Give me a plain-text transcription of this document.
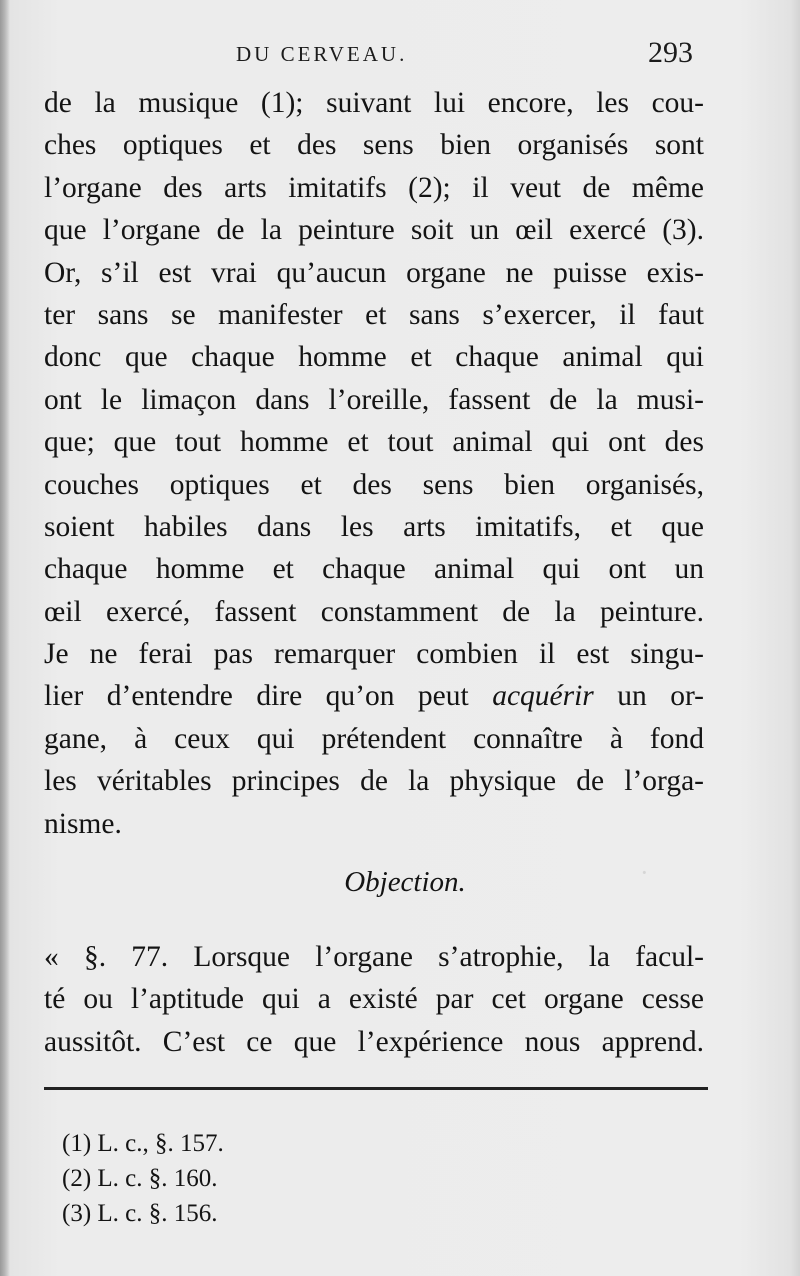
·
DU CERVEAU.	293
de la musique (1); suivant lui encore, les cou-
ches optiques et des sens bien organisés sont
l’organe des arts imitatifs (2); il veut de même
que l’organe de la peinture soit un œil exercé (3).
Or, s’il est vrai qu’aucun organe ne puisse exis-
ter sans se manifester et sans s’exercer, il faut
donc que chaque homme et chaque animal qui
ont le limaçon dans l’oreille, fassent de la musi-
que; que tout homme et tout animal qui ont des
couches optiques et des sens bien organisés,
soient habiles dans les arts imitatifs, et que
chaque homme et chaque animal qui ont un
œil exercé, fassent constamment de la peinture.
Je ne ferai pas remarquer combien il est singu-
lier d’entendre dire qu’on peut acquérir un or-
gane, à ceux qui prétendent connaître à fond
les véritables principes de la physique de l’orga-
nisme.
Objection.
« §. 77. Lorsque l’organe s’atrophie, la facul-
té ou l’aptitude qui a existé par cet organe cesse
aussitôt. C’est ce que l’expérience nous apprend.
(1) L. c., §. 157.
(2) L. c. §. 160.
(3) L. c. §. 156.
